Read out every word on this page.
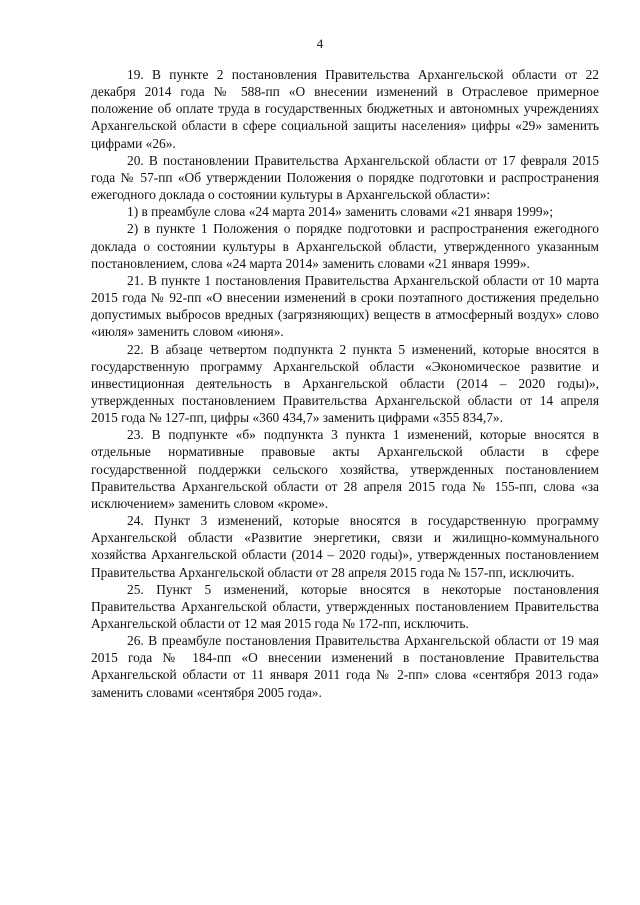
4

19. В пункте 2 постановления Правительства Архангельской области от 22 декабря 2014 года № 588-пп «О внесении изменений в Отраслевое примерное положение об оплате труда в государственных бюджетных и автономных учреждениях Архангельской области в сфере социальной защиты населения» цифры «29» заменить цифрами «26».

20. В постановлении Правительства Архангельской области от 17 февраля 2015 года № 57-пп «Об утверждении Положения о порядке подготовки и распространения ежегодного доклада о состоянии культуры в Архангельской области»:

1) в преамбуле слова «24 марта 2014» заменить словами «21 января 1999»;

2) в пункте 1 Положения о порядке подготовки и распространения ежегодного доклада о состоянии культуры в Архангельской области, утвержденного указанным постановлением, слова «24 марта 2014» заменить словами «21 января 1999».

21. В пункте 1 постановления Правительства Архангельской области от 10 марта 2015 года № 92-пп «О внесении изменений в сроки поэтапного достижения предельно допустимых выбросов вредных (загрязняющих) веществ в атмосферный воздух» слово «июля» заменить словом «июня».

22. В абзаце четвертом подпункта 2 пункта 5 изменений, которые вносятся в государственную программу Архангельской области «Экономическое развитие и инвестиционная деятельность в Архангельской области (2014 – 2020 годы)», утвержденных постановлением Правительства Архангельской области от 14 апреля 2015 года № 127-пп, цифры «360 434,7» заменить цифрами «355 834,7».

23. В подпункте «б» подпункта 3 пункта 1 изменений, которые вносятся в отдельные нормативные правовые акты Архангельской области в сфере государственной поддержки сельского хозяйства, утвержденных постановлением Правительства Архангельской области от 28 апреля 2015 года № 155-пп, слова «за исключением» заменить словом «кроме».

24. Пункт 3 изменений, которые вносятся в государственную программу Архангельской области «Развитие энергетики, связи и жилищно-коммунального хозяйства Архангельской области (2014 – 2020 годы)», утвержденных постановлением Правительства Архангельской области от 28 апреля 2015 года № 157-пп, исключить.

25. Пункт 5 изменений, которые вносятся в некоторые постановления Правительства Архангельской области, утвержденных постановлением Правительства Архангельской области от 12 мая 2015 года № 172-пп, исключить.

26. В преамбуле постановления Правительства Архангельской области от 19 мая 2015 года № 184-пп «О внесении изменений в постановление Правительства Архангельской области от 11 января 2011 года № 2-пп» слова «сентября 2013 года» заменить словами «сентября 2005 года».
